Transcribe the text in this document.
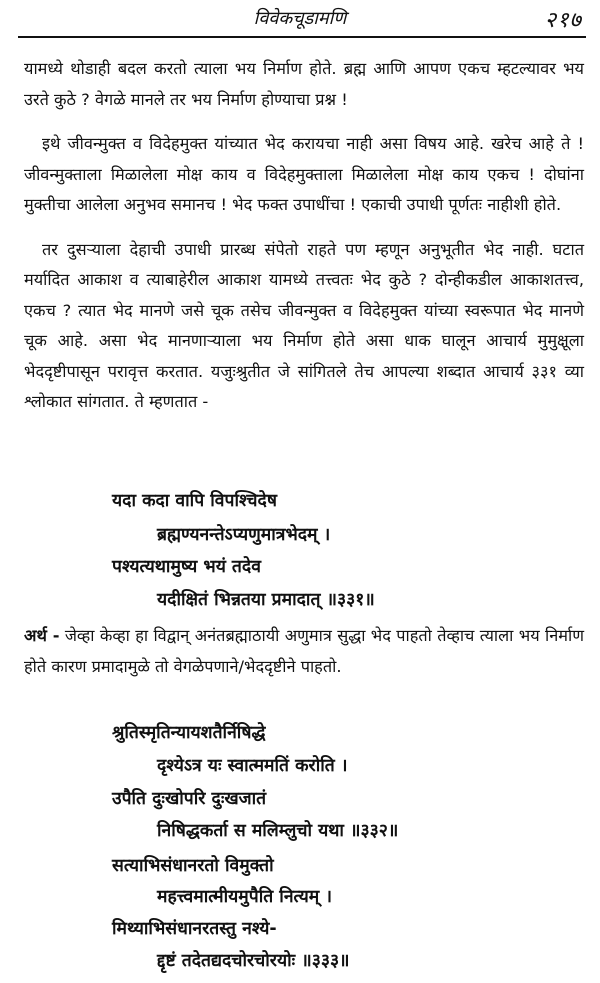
विवेकचूडामणि	२१७

यामध्ये थोडाही बदल करतो त्याला भय निर्माण होते. ब्रह्म आणि आपण एकच म्हटल्यावर भय उरते कुठे ? वेगळे मानले तर भय निर्माण होण्याचा प्रश्न !

इथे जीवन्मुक्त व विदेहमुक्त यांच्यात भेद करायचा नाही असा विषय आहे. खरेच आहे ते ! जीवन्मुक्ताला मिळालेला मोक्ष काय व विदेहमुक्ताला मिळालेला मोक्ष काय एकच ! दोघांना मुक्तीचा आलेला अनुभव समानच ! भेद फक्त उपाधींचा ! एकाची उपाधी पूर्णतः नाहीशी होते.

तर दुसऱ्याला देहाची उपाधी प्रारब्ध संपेतो राहते पण म्हणून अनुभूतीत भेद नाही. घटात मर्यादित आकाश व त्याबाहेरील आकाश यामध्ये तत्त्वतः भेद कुठे ? दोन्हीकडील आकाशतत्त्व, एकच ? त्यात भेद मानणे जसे चूक तसेच जीवन्मुक्त व विदेहमुक्त यांच्या स्वरूपात भेद मानणे चूक आहे. असा भेद मानणाऱ्याला भय निर्माण होते असा धाक घालून आचार्य मुमुक्षूला भेददृष्टीपासून परावृत्त करतात. यजुःश्रुतीत जे सांगितले तेच आपल्या शब्दात आचार्य ३३१ व्या श्लोकात सांगतात. ते म्हणतात -

यदा कदा वापि विपश्चिदेष
ब्रह्मण्यनन्तेऽप्यणुमात्रभेदम् ।
पश्यत्यथामुष्य भयं तदेव
यदीक्षितं भिन्नतया प्रमादात् ॥३३१॥
अर्थ - जेव्हा केव्हा हा विद्वान् अनंतब्रह्माठायी अणुमात्र सुद्धा भेद पाहतो तेव्हाच त्याला भय निर्माण होते कारण प्रमादामुळे तो वेगळेपणाने/भेददृष्टीने पाहतो.
श्रुतिस्मृतिन्यायशतैर्निषिद्धे
दृश्येऽत्र यः स्वात्ममतिं करोति ।
उपैति दुःखोपरि दुःखजातं
निषिद्धकर्ता स मलिम्लुचो यथा ॥३३२॥
सत्याभिसंधानरतो विमुक्तो
महत्त्वमात्मीयमुपैति नित्यम् ।
मिथ्याभिसंधानरतस्तु नश्ये-
द्दृष्टं तदेतद्यदचोरचोरयोः ॥३३३॥
